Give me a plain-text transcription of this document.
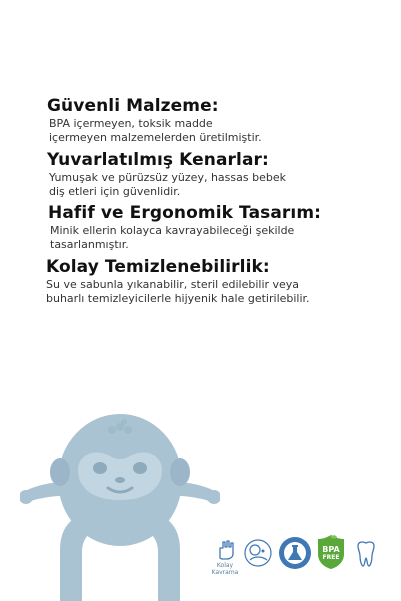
Güvenli Malzeme:

BPA içermeyen, toksik madde
içermeyen malzemelerden üretilmiştir.

Yuvarlatılmış Kenarlar:

Yumuşak ve pürüzsüz yüzey, hassas bebek
diş etleri için güvenlidir.

Hafif ve Ergonomik Tasarım:

Minik ellerin kolayca kavrayabileceği şekilde
tasarlanmıştır.

Kolay Temizlenebilirlik:

Su ve sabunla yıkanabilir, steril edilebilir veya
buharlı temizleyicilerle hijyenik hale getirilebilir.

Kolay
Kavrama
BPA
FREE
